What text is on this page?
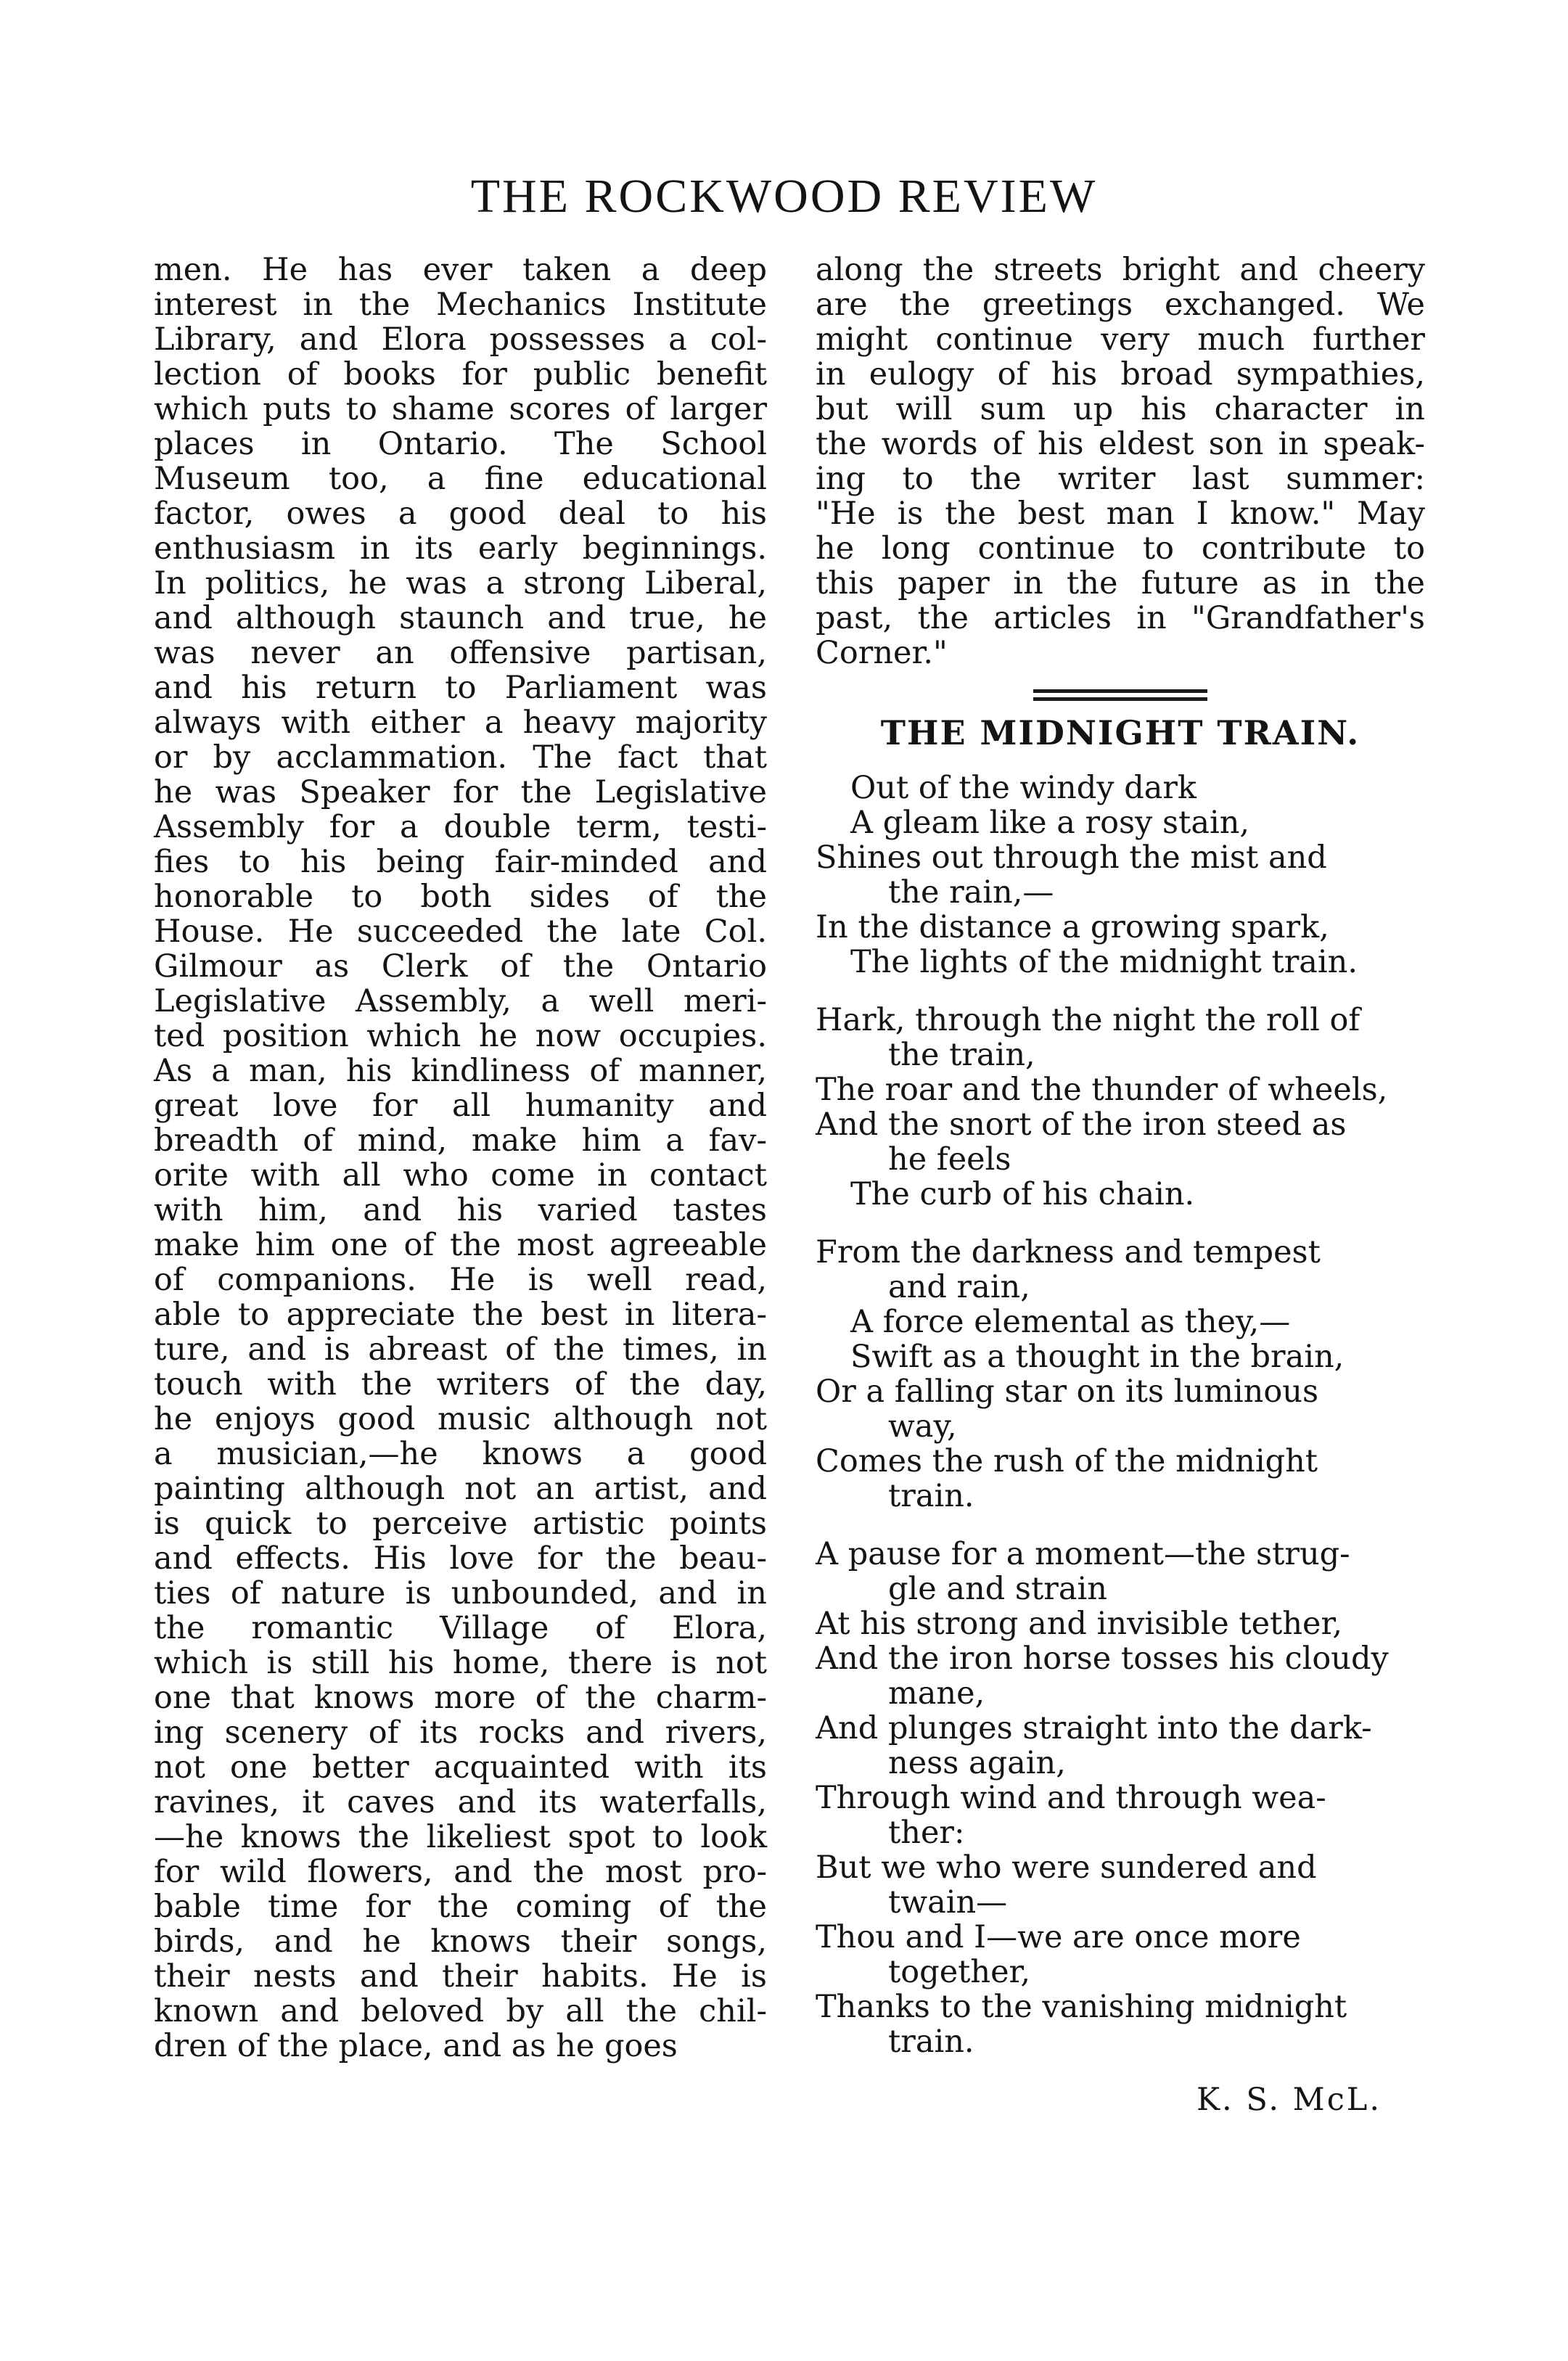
THE ROCKWOOD REVIEW
men. He has ever taken a deep
interest in the Mechanics Institute
Library, and Elora possesses a col-
lection of books for public benefit
which puts to shame scores of larger
places in Ontario. The School
Museum too, a fine educational
factor, owes a good deal to his
enthusiasm in its early beginnings.
In politics, he was a strong Liberal,
and although staunch and true, he
was never an offensive partisan,
and his return to Parliament was
always with either a heavy majority
or by acclammation. The fact that
he was Speaker for the Legislative
Assembly for a double term, testi-
fies to his being fair-minded and
honorable to both sides of the
House. He succeeded the late Col.
Gilmour as Clerk of the Ontario
Legislative Assembly, a well meri-
ted position which he now occupies.
As a man, his kindliness of manner,
great love for all humanity and
breadth of mind, make him a fav-
orite with all who come in contact
with him, and his varied tastes
make him one of the most agreeable
of companions. He is well read,
able to appreciate the best in litera-
ture, and is abreast of the times, in
touch with the writers of the day,
he enjoys good music although not
a musician,—he knows a good
painting although not an artist, and
is quick to perceive artistic points
and effects. His love for the beau-
ties of nature is unbounded, and in
the romantic Village of Elora,
which is still his home, there is not
one that knows more of the charm-
ing scenery of its rocks and rivers,
not one better acquainted with its
ravines, it caves and its waterfalls,
—he knows the likeliest spot to look
for wild flowers, and the most pro-
bable time for the coming of the
birds, and he knows their songs,
their nests and their habits. He is
known and beloved by all the chil-
dren of the place, and as he goes
along the streets bright and cheery
are the greetings exchanged. We
might continue very much further
in eulogy of his broad sympathies,
but will sum up his character in
the words of his eldest son in speak-
ing to the writer last summer:
"He is the best man I know." May
he long continue to contribute to
this paper in the future as in the
past, the articles in "Grandfather's
Corner."
THE MIDNIGHT TRAIN.
Out of the windy dark
A gleam like a rosy stain,
Shines out through the mist and
the rain,—
In the distance a growing spark,
The lights of the midnight train.
Hark, through the night the roll of
the train,
The roar and the thunder of wheels,
And the snort of the iron steed as
he feels
The curb of his chain.
From the darkness and tempest
and rain,
A force elemental as they,—
Swift as a thought in the brain,
Or a falling star on its luminous
way,
Comes the rush of the midnight
train.
A pause for a moment—the strug-
gle and strain
At his strong and invisible tether,
And the iron horse tosses his cloudy
mane,
And plunges straight into the dark-
ness again,
Through wind and through wea-
ther:
But we who were sundered and
twain—
Thou and I—we are once more
together,
Thanks to the vanishing midnight
train.
K. S. McL.
